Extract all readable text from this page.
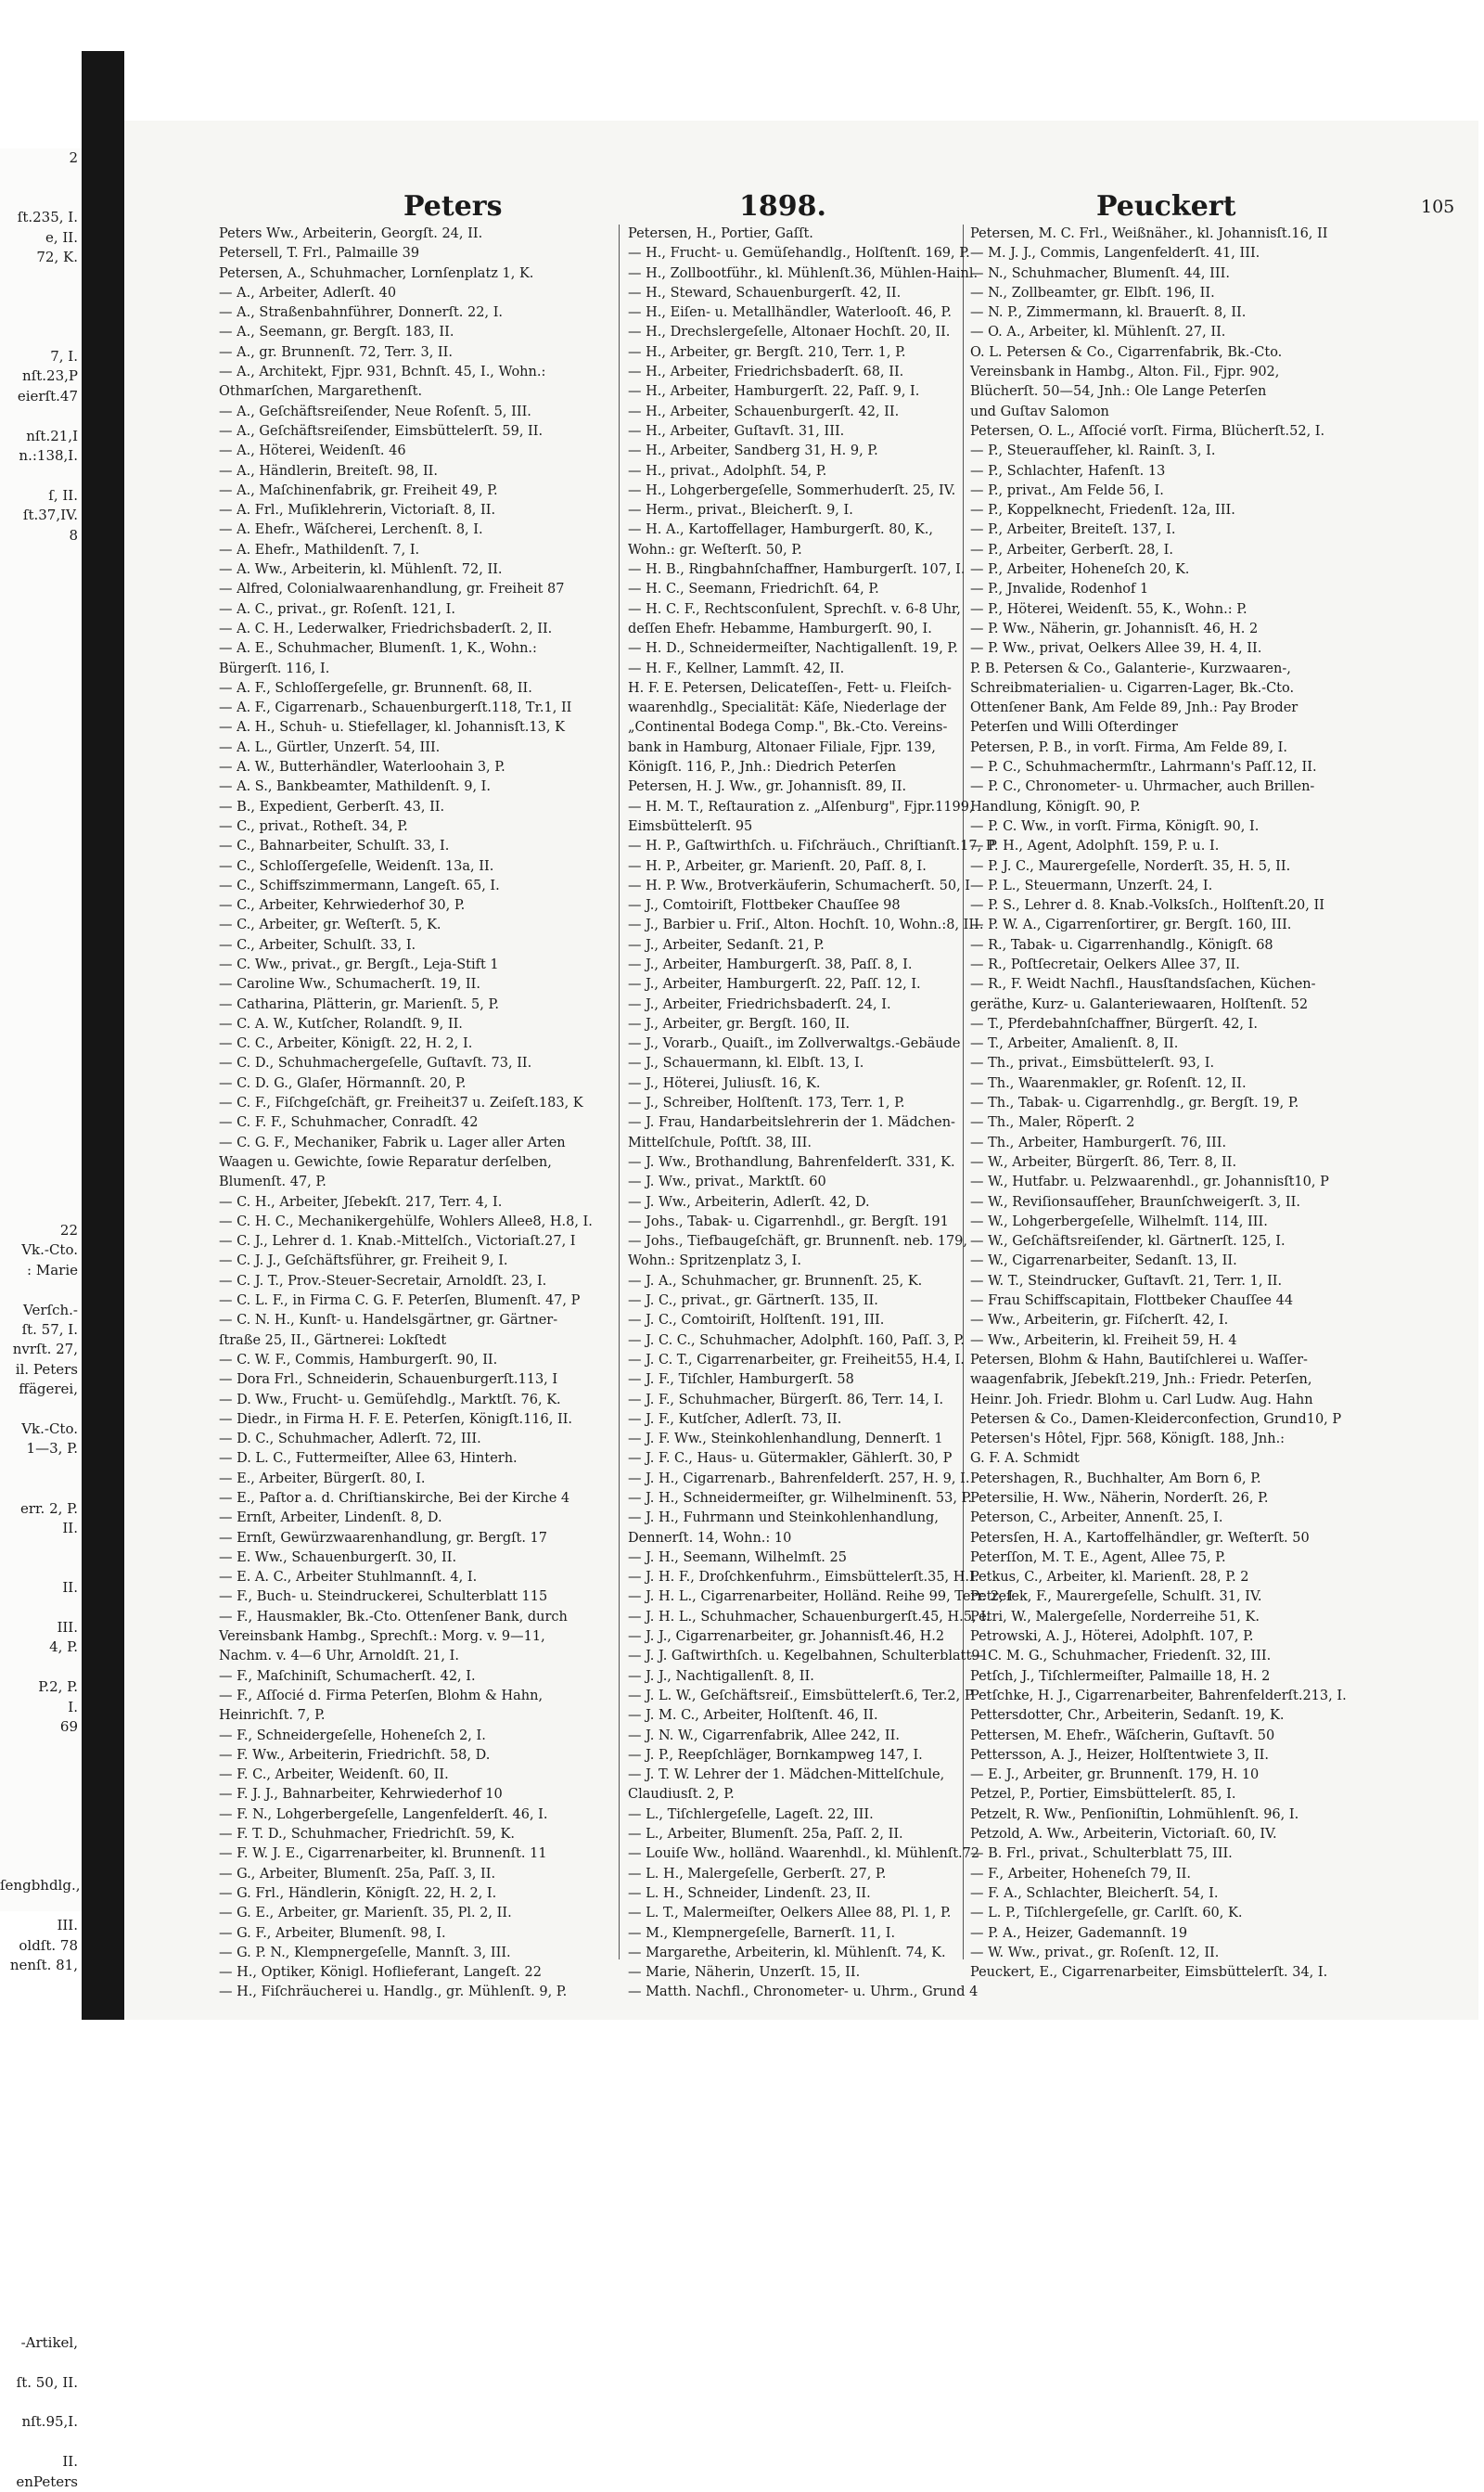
2

ſt.235, I.
e, II.
72, K.

7, I.
nſt.23,P
eierſt.47

nſt.21,I
n.:138,I.

ſ, II.
ſt.37,IV.
8

22
Vk.-Cto.
: Marie

Verſch.-
ſt. 57, I.
nvrſt. 27,
il. Peters
ffägerei,

Vk.-Cto.
1—3, P.

err. 2, P.
II.

II.

III.
4, P.

P.2, P.
I.
69

ſengbhdlg.,

III.
oldſt. 78
nenſt. 81,

-Artikel,

ſt. 50, II.

nſt.95,I.

II.
enPeters
Peters	1898.	Peuckert	105
Peters Ww., Arbeiterin, Georgſt. 24, II.
Petersell, T. Frl., Palmaille 39
Petersen, A., Schuhmacher, Lornſenplatz 1, K.
— A., Arbeiter, Adlerſt. 40
— A., Straßenbahnführer, Donnerſt. 22, I.
— A., Seemann, gr. Bergſt. 183, II.
— A., gr. Brunnenſt. 72, Terr. 3, II.
— A., Architekt, Fjpr. 931, Bchnſt. 45, I., Wohn.:
Othmarſchen, Margarethenſt.
— A., Geſchäftsreiſender, Neue Roſenſt. 5, III.
— A., Geſchäftsreiſender, Eimsbüttelerſt. 59, II.
— A., Höterei, Weidenſt. 46
— A., Händlerin, Breiteſt. 98, II.
— A., Maſchinenfabrik, gr. Freiheit 49, P.
— A. Frl., Muſiklehrerin, Victoriaſt. 8, II.
— A. Ehefr., Wäſcherei, Lerchenſt. 8, I.
— A. Ehefr., Mathildenſt. 7, I.
— A. Ww., Arbeiterin, kl. Mühlenſt. 72, II.
— Alfred, Colonialwaarenhandlung, gr. Freiheit 87
— A. C., privat., gr. Roſenſt. 121, I.
— A. C. H., Lederwalker, Friedrichsbaderſt. 2, II.
— A. E., Schuhmacher, Blumenſt. 1, K., Wohn.:
Bürgerſt. 116, I.
— A. F., Schloſſergeſelle, gr. Brunnenſt. 68, II.
— A. F., Cigarrenarb., Schauenburgerſt.118, Tr.1, II
— A. H., Schuh- u. Stiefellager, kl. Johannisſt.13, K
— A. L., Gürtler, Unzerſt. 54, III.
— A. W., Butterhändler, Waterloohain 3, P.
— A. S., Bankbeamter, Mathildenſt. 9, I.
— B., Expedient, Gerberſt. 43, II.
— C., privat., Rotheſt. 34, P.
— C., Bahnarbeiter, Schulſt. 33, I.
— C., Schloſſergeſelle, Weidenſt. 13a, II.
— C., Schiffszimmermann, Langeſt. 65, I.
— C., Arbeiter, Kehrwiederhof 30, P.
— C., Arbeiter, gr. Weſterſt. 5, K.
— C., Arbeiter, Schulſt. 33, I.
— C. Ww., privat., gr. Bergſt., Leja-Stift 1
— Caroline Ww., Schumacherſt. 19, II.
— Catharina, Plätterin, gr. Marienſt. 5, P.
— C. A. W., Kutſcher, Rolandſt. 9, II.
— C. C., Arbeiter, Königſt. 22, H. 2, I.
— C. D., Schuhmachergeſelle, Guſtavſt. 73, II.
— C. D. G., Glaſer, Hörmannſt. 20, P.
— C. F., Fiſchgeſchäft, gr. Freiheit37 u. Zeiſeſt.183, K
— C. F. F., Schuhmacher, Conradſt. 42
— C. G. F., Mechaniker, Fabrik u. Lager aller Arten
Waagen u. Gewichte, ſowie Reparatur derſelben,
Blumenſt. 47, P.
— C. H., Arbeiter, Jſebekſt. 217, Terr. 4, I.
— C. H. C., Mechanikergehülfe, Wohlers Allee8, H.8, I.
— C. J., Lehrer d. 1. Knab.-Mittelſch., Victoriaſt.27, I
— C. J. J., Geſchäftsführer, gr. Freiheit 9, I.
— C. J. T., Prov.-Steuer-Secretair, Arnoldſt. 23, I.
— C. L. F., in Firma C. G. F. Peterſen, Blumenſt. 47, P
— C. N. H., Kunſt- u. Handelsgärtner, gr. Gärtner-
ſtraße 25, II., Gärtnerei: Lokſtedt
— C. W. F., Commis, Hamburgerſt. 90, II.
— Dora Frl., Schneiderin, Schauenburgerſt.113, I
— D. Ww., Frucht- u. Gemüſehdlg., Marktſt. 76, K.
— Diedr., in Firma H. F. E. Peterſen, Königſt.116, II.
— D. C., Schuhmacher, Adlerſt. 72, III.
— D. L. C., Futtermeiſter, Allee 63, Hinterh.
— E., Arbeiter, Bürgerſt. 80, I.
— E., Paſtor a. d. Chriſtianskirche, Bei der Kirche 4
— Ernſt, Arbeiter, Lindenſt. 8, D.
— Ernſt, Gewürzwaarenhandlung, gr. Bergſt. 17
— E. Ww., Schauenburgerſt. 30, II.
— E. A. C., Arbeiter Stuhlmannſt. 4, I.
— F., Buch- u. Steindruckerei, Schulterblatt 115
— F., Hausmakler, Bk.-Cto. Ottenſener Bank, durch
Vereinsbank Hambg., Sprechſt.: Morg. v. 9—11,
Nachm. v. 4—6 Uhr, Arnoldſt. 21, I.
— F., Maſchiniſt, Schumacherſt. 42, I.
— F., Aſſocié d. Firma Peterſen, Blohm & Hahn,
Heinrichſt. 7, P.
— F., Schneidergeſelle, Hoheneſch 2, I.
— F. Ww., Arbeiterin, Friedrichſt. 58, D.
— F. C., Arbeiter, Weidenſt. 60, II.
— F. J. J., Bahnarbeiter, Kehrwiederhof 10
— F. N., Lohgerbergeſelle, Langenfelderſt. 46, I.
— F. T. D., Schuhmacher, Friedrichſt. 59, K.
— F. W. J. E., Cigarrenarbeiter, kl. Brunnenſt. 11
— G., Arbeiter, Blumenſt. 25a, Paſſ. 3, II.
— G. Frl., Händlerin, Königſt. 22, H. 2, I.
— G. E., Arbeiter, gr. Marienſt. 35, Pl. 2, II.
— G. F., Arbeiter, Blumenſt. 98, I.
— G. P. N., Klempnergeſelle, Mannſt. 3, III.
— H., Optiker, Königl. Hoflieferant, Langeſt. 22
— H., Fiſchräucherei u. Handlg., gr. Mühlenſt. 9, P.
Petersen, H., Portier, Gaſſt.
— H., Frucht- u. Gemüſehandlg., Holſtenſt. 169, P.
— H., Zollbootführ., kl. Mühlenſt.36, Mühlen-Hainl.
— H., Steward, Schauenburgerſt. 42, II.
— H., Eiſen- u. Metallhändler, Waterlooſt. 46, P.
— H., Drechslergeſelle, Altonaer Hochſt. 20, II.
— H., Arbeiter, gr. Bergſt. 210, Terr. 1, P.
— H., Arbeiter, Friedrichsbaderſt. 68, II.
— H., Arbeiter, Hamburgerſt. 22, Paſſ. 9, I.
— H., Arbeiter, Schauenburgerſt. 42, II.
— H., Arbeiter, Guſtavſt. 31, III.
— H., Arbeiter, Sandberg 31, H. 9, P.
— H., privat., Adolphſt. 54, P.
— H., Lohgerbergeſelle, Sommerhuderſt. 25, IV.
— Herm., privat., Bleicherſt. 9, I.
— H. A., Kartoffellager, Hamburgerſt. 80, K.,
Wohn.: gr. Weſterſt. 50, P.
— H. B., Ringbahnſchaffner, Hamburgerſt. 107, I.
— H. C., Seemann, Friedrichſt. 64, P.
— H. C. F., Rechtsconſulent, Sprechſt. v. 6-8 Uhr,
deſſen Ehefr. Hebamme, Hamburgerſt. 90, I.
— H. D., Schneidermeiſter, Nachtigallenſt. 19, P.
— H. F., Kellner, Lammſt. 42, II.
H. F. E. Petersen, Delicateſſen-, Fett- u. Fleiſch-
waarenhdlg., Specialität: Käſe, Niederlage der
„Continental Bodega Comp.", Bk.-Cto. Vereins-
bank in Hamburg, Altonaer Filiale, Fjpr. 139,
Königſt. 116, P., Jnh.: Diedrich Peterſen
Petersen, H. J. Ww., gr. Johannisſt. 89, II.
— H. M. T., Reſtauration z. „Alſenburg", Fjpr.1199,
Eimsbüttelerſt. 95
— H. P., Gaſtwirthſch. u. Fiſchräuch., Chriſtianſt.17, P
— H. P., Arbeiter, gr. Marienſt. 20, Paſſ. 8, I.
— H. P. Ww., Brotverkäuferin, Schumacherſt. 50, I
— J., Comtoiriſt, Flottbeker Chauſſee 98
— J., Barbier u. Friſ., Alton. Hochſt. 10, Wohn.:8, III.
— J., Arbeiter, Sedanſt. 21, P.
— J., Arbeiter, Hamburgerſt. 38, Paſſ. 8, I.
— J., Arbeiter, Hamburgerſt. 22, Paſſ. 12, I.
— J., Arbeiter, Friedrichsbaderſt. 24, I.
— J., Arbeiter, gr. Bergſt. 160, II.
— J., Vorarb., Quaiſt., im Zollverwaltgs.-Gebäude
— J., Schauermann, kl. Elbſt. 13, I.
— J., Höterei, Juliusſt. 16, K.
— J., Schreiber, Holſtenſt. 173, Terr. 1, P.
— J. Frau, Handarbeitslehrerin der 1. Mädchen-
Mittelſchule, Poſtſt. 38, III.
— J. Ww., Brothandlung, Bahrenfelderſt. 331, K.
— J. Ww., privat., Marktſt. 60
— J. Ww., Arbeiterin, Adlerſt. 42, D.
— Johs., Tabak- u. Cigarrenhdl., gr. Bergſt. 191
— Johs., Tiefbaugeſchäft, gr. Brunnenſt. neb. 179,
Wohn.: Spritzenplatz 3, I.
— J. A., Schuhmacher, gr. Brunnenſt. 25, K.
— J. C., privat., gr. Gärtnerſt. 135, II.
— J. C., Comtoiriſt, Holſtenſt. 191, III.
— J. C. C., Schuhmacher, Adolphſt. 160, Paſſ. 3, P.
— J. C. T., Cigarrenarbeiter, gr. Freiheit55, H.4, I.
— J. F., Tiſchler, Hamburgerſt. 58
— J. F., Schuhmacher, Bürgerſt. 86, Terr. 14, I.
— J. F., Kutſcher, Adlerſt. 73, II.
— J. F. Ww., Steinkohlenhandlung, Dennerſt. 1
— J. F. C., Haus- u. Gütermakler, Gählerſt. 30, P
— J. H., Cigarrenarb., Bahrenfelderſt. 257, H. 9, I.
— J. H., Schneidermeiſter, gr. Wilhelminenſt. 53, P.
— J. H., Fuhrmann und Steinkohlenhandlung,
Dennerſt. 14, Wohn.: 10
— J. H., Seemann, Wilhelmſt. 25
— J. H. F., Droſchkenfuhrm., Eimsbüttelerſt.35, H.I.
— J. H. L., Cigarrenarbeiter, Holländ. Reihe 99, Terr. 2, I
— J. H. L., Schuhmacher, Schauenburgerſt.45, H.5, I.
— J. J., Cigarrenarbeiter, gr. Johannisſt.46, H.2
— J. J. Gaſtwirthſch. u. Kegelbahnen, Schulterblatt91
— J. J., Nachtigallenſt. 8, II.
— J. L. W., Geſchäftsreiſ., Eimsbüttelerſt.6, Ter.2, P
— J. M. C., Arbeiter, Holſtenſt. 46, II.
— J. N. W., Cigarrenfabrik, Allee 242, II.
— J. P., Reepſchläger, Bornkampweg 147, I.
— J. T. W. Lehrer der 1. Mädchen-Mittelſchule,
Claudiusſt. 2, P.
— L., Tiſchlergeſelle, Lageſt. 22, III.
— L., Arbeiter, Blumenſt. 25a, Paſſ. 2, II.
— Louiſe Ww., holländ. Waarenhdl., kl. Mühlenſt.72
— L. H., Malergeſelle, Gerberſt. 27, P.
— L. H., Schneider, Lindenſt. 23, II.
— L. T., Malermeiſter, Oelkers Allee 88, Pl. 1, P.
— M., Klempnergeſelle, Barnerſt. 11, I.
— Margarethe, Arbeiterin, kl. Mühlenſt. 74, K.
— Marie, Näherin, Unzerſt. 15, II.
— Matth. Nachfl., Chronometer- u. Uhrm., Grund 4
Petersen, M. C. Frl., Weißnäher., kl. Johannisſt.16, II
— M. J. J., Commis, Langenfelderſt. 41, III.
— N., Schuhmacher, Blumenſt. 44, III.
— N., Zollbeamter, gr. Elbſt. 196, II.
— N. P., Zimmermann, kl. Brauerſt. 8, II.
— O. A., Arbeiter, kl. Mühlenſt. 27, II.
O. L. Petersen & Co., Cigarrenfabrik, Bk.-Cto.
Vereinsbank in Hambg., Alton. Fil., Fjpr. 902,
Blücherſt. 50—54, Jnh.: Ole Lange Peterſen
und Guſtav Salomon
Petersen, O. L., Aſſocié vorſt. Firma, Blücherſt.52, I.
— P., Steueraufſeher, kl. Rainſt. 3, I.
— P., Schlachter, Hafenſt. 13
— P., privat., Am Felde 56, I.
— P., Koppelknecht, Friedenſt. 12a, III.
— P., Arbeiter, Breiteſt. 137, I.
— P., Arbeiter, Gerberſt. 28, I.
— P., Arbeiter, Hoheneſch 20, K.
— P., Jnvalide, Rodenhof 1
— P., Höterei, Weidenſt. 55, K., Wohn.: P.
— P. Ww., Näherin, gr. Johannisſt. 46, H. 2
— P. Ww., privat, Oelkers Allee 39, H. 4, II.
P. B. Petersen & Co., Galanterie-, Kurzwaaren-,
Schreibmaterialien- u. Cigarren-Lager, Bk.-Cto.
Ottenſener Bank, Am Felde 89, Jnh.: Pay Broder
Peterſen und Willi Oſterdinger
Petersen, P. B., in vorſt. Firma, Am Felde 89, I.
— P. C., Schuhmachermſtr., Lahrmann's Paſſ.12, II.
— P. C., Chronometer- u. Uhrmacher, auch Brillen-
Handlung, Königſt. 90, P.
— P. C. Ww., in vorſt. Firma, Königſt. 90, I.
— P. H., Agent, Adolphſt. 159, P. u. I.
— P. J. C., Maurergeſelle, Norderſt. 35, H. 5, II.
— P. L., Steuermann, Unzerſt. 24, I.
— P. S., Lehrer d. 8. Knab.-Volksſch., Holſtenſt.20, II
— P. W. A., Cigarrenſortirer, gr. Bergſt. 160, III.
— R., Tabak- u. Cigarrenhandlg., Königſt. 68
— R., Poſtſecretair, Oelkers Allee 37, II.
— R., F. Weidt Nachfl., Hausſtandsſachen, Küchen-
geräthe, Kurz- u. Galanteriewaaren, Holſtenſt. 52
— T., Pferdebahnſchaffner, Bürgerſt. 42, I.
— T., Arbeiter, Amalienſt. 8, II.
— Th., privat., Eimsbüttelerſt. 93, I.
— Th., Waarenmakler, gr. Roſenſt. 12, II.
— Th., Tabak- u. Cigarrenhdlg., gr. Bergſt. 19, P.
— Th., Maler, Röperſt. 2
— Th., Arbeiter, Hamburgerſt. 76, III.
— W., Arbeiter, Bürgerſt. 86, Terr. 8, II.
— W., Hutfabr. u. Pelzwaarenhdl., gr. Johannisſt10, P
— W., Reviſionsaufſeher, Braunſchweigerſt. 3, II.
— W., Lohgerbergeſelle, Wilhelmſt. 114, III.
— W., Geſchäftsreiſender, kl. Gärtnerſt. 125, I.
— W., Cigarrenarbeiter, Sedanſt. 13, II.
— W. T., Steindrucker, Guſtavſt. 21, Terr. 1, II.
— Frau Schiffscapitain, Flottbeker Chauſſee 44
— Ww., Arbeiterin, gr. Fiſcherſt. 42, I.
— Ww., Arbeiterin, kl. Freiheit 59, H. 4
Petersen, Blohm & Hahn, Bautiſchlerei u. Waſſer-
waagenfabrik, Jſebekſt.219, Jnh.: Friedr. Peterſen,
Heinr. Joh. Friedr. Blohm u. Carl Ludw. Aug. Hahn
Petersen & Co., Damen-Kleiderconfection, Grund10, P
Petersen's Hôtel, Fjpr. 568, Königſt. 188, Jnh.:
G. F. A. Schmidt
Petershagen, R., Buchhalter, Am Born 6, P.
Petersilie, H. Ww., Näherin, Norderſt. 26, P.
Peterson, C., Arbeiter, Annenſt. 25, I.
Petersſen, H. A., Kartoffelhändler, gr. Weſterſt. 50
Peterſſon, M. T. E., Agent, Allee 75, P.
Petkus, C., Arbeiter, kl. Marienſt. 28, P. 2
Petreſek, F., Maurergeſelle, Schulſt. 31, IV.
Petri, W., Malergeſelle, Norderreihe 51, K.
Petrowski, A. J., Höterei, Adolphſt. 107, P.
— C. M. G., Schuhmacher, Friedenſt. 32, III.
Petſch, J., Tiſchlermeiſter, Palmaille 18, H. 2
Petſchke, H. J., Cigarrenarbeiter, Bahrenfelderſt.213, I.
Pettersdotter, Chr., Arbeiterin, Sedanſt. 19, K.
Pettersen, M. Ehefr., Wäſcherin, Guſtavſt. 50
Pettersson, A. J., Heizer, Holſtentwiete 3, II.
— E. J., Arbeiter, gr. Brunnenſt. 179, H. 10
Petzel, P., Portier, Eimsbüttelerſt. 85, I.
Petzelt, R. Ww., Penſioniſtin, Lohmühlenſt. 96, I.
Petzold, A. Ww., Arbeiterin, Victoriaſt. 60, IV.
— B. Frl., privat., Schulterblatt 75, III.
— F., Arbeiter, Hoheneſch 79, II.
— F. A., Schlachter, Bleicherſt. 54, I.
— L. P., Tiſchlergeſelle, gr. Carlſt. 60, K.
— P. A., Heizer, Gademannſt. 19
— W. Ww., privat., gr. Roſenſt. 12, II.
Peuckert, E., Cigarrenarbeiter, Eimsbüttelerſt. 34, I.
